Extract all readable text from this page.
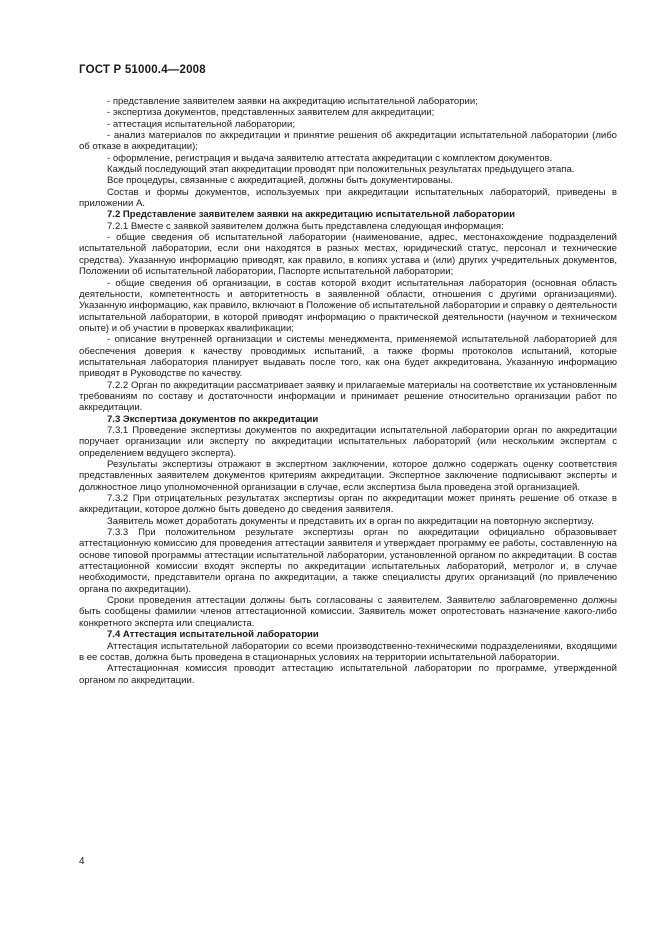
ГОСТ Р 51000.4—2008

- представление заявителем заявки на аккредитацию испытательной лаборатории;

- экспертиза документов, представленных заявителем для аккредитации;

- аттестация испытательной лаборатории;

- анализ материалов по аккредитации и принятие решения об аккредитации испытательной лаборатории (либо об отказе в аккредитации);

- оформление, регистрация и выдача заявителю аттестата аккредитации с комплектом документов.

Каждый последующий этап аккредитации проводят при положительных результатах предыдущего этапа.

Все процедуры, связанные с аккредитацией, должны быть документированы.

Состав и формы документов, используемых при аккредитации испытательных лабораторий, приведены в приложении А.

7.2 Представление заявителем заявки на аккредитацию испытательной лаборатории

7.2.1 Вместе с заявкой заявителем должна быть представлена следующая информация:

- общие сведения об испытательной лаборатории (наименование, адрес, местонахождение подразделений испытательной лаборатории, если они находятся в разных местах, юридический статус, персонал и технические средства). Указанную информацию приводят, как правило, в копиях устава и (или) других учредительных документов, Положении об испытательной лаборатории, Паспорте испытательной лаборатории;

- общие сведения об организации, в состав которой входит испытательная лаборатория (основная область деятельности, компетентность и авторитетность в заявленной области, отношения с другими организациями). Указанную информацию, как правило, включают в Положение об испытательной лаборатории и справку о деятельности испытательной лаборатории, в которой приводят информацию о практической деятельности (научном и техническом опыте) и об участии в проверках квалификации;

- описание внутренней организации и системы менеджмента, применяемой испытательной лабораторией для обеспечения доверия к качеству проводимых испытаний, а также формы протоколов испытаний, которые испытательная лаборатория планирует выдавать после того, как она будет аккредитована. Указанную информацию приводят в Руководстве по качеству.

7.2.2 Орган по аккредитации рассматривает заявку и прилагаемые материалы на соответствие их установленным требованиям по составу и достаточности информации и принимает решение относительно организации работ по аккредитации.

7.3 Экспертиза документов по аккредитации

7.3.1 Проведение экспертизы документов по аккредитации испытательной лаборатории орган по аккредитации поручает организации или эксперту по аккредитации испытательных лабораторий (или нескольким экспертам с определением ведущего эксперта).

Результаты экспертизы отражают в экспертном заключении, которое должно содержать оценку соответствия представленных заявителем документов критериям аккредитации. Экспертное заключение подписывают эксперты и должностное лицо уполномоченной организации в случае, если экспертиза была проведена этой организацией.

7.3.2 При отрицательных результатах экспертизы орган по аккредитации может принять решение об отказе в аккредитации, которое должно быть доведено до сведения заявителя.

Заявитель может доработать документы и представить их в орган по аккредитации на повторную экспертизу.

7.3.3 При положительном результате экспертизы орган по аккредитации официально образовывает аттестационную комиссию для проведения аттестации заявителя и утверждает программу ее работы, составленную на основе типовой программы аттестации испытательной лаборатории, установленной органом по аккредитации. В состав аттестационной комиссии входят эксперты по аккредитации испытательных лабораторий, метролог и, в случае необходимости, представители органа по аккредитации, а также специалисты других организаций (по привлечению органа по аккредитации).

Сроки проведения аттестации должны быть согласованы с заявителем. Заявителю заблаговременно должны быть сообщены фамилии членов аттестационной комиссии. Заявитель может опротестовать назначение какого-либо конкретного эксперта или специалиста.

7.4 Аттестация испытательной лаборатории

Аттестация испытательной лаборатории со всеми производственно-техническими подразделениями, входящими в ее состав, должна быть проведена в стационарных условиях на территории испытательной лаборатории.

Аттестационная комиссия проводит аттестацию испытательной лаборатории по программе, утвержденной органом по аккредитации.

4
